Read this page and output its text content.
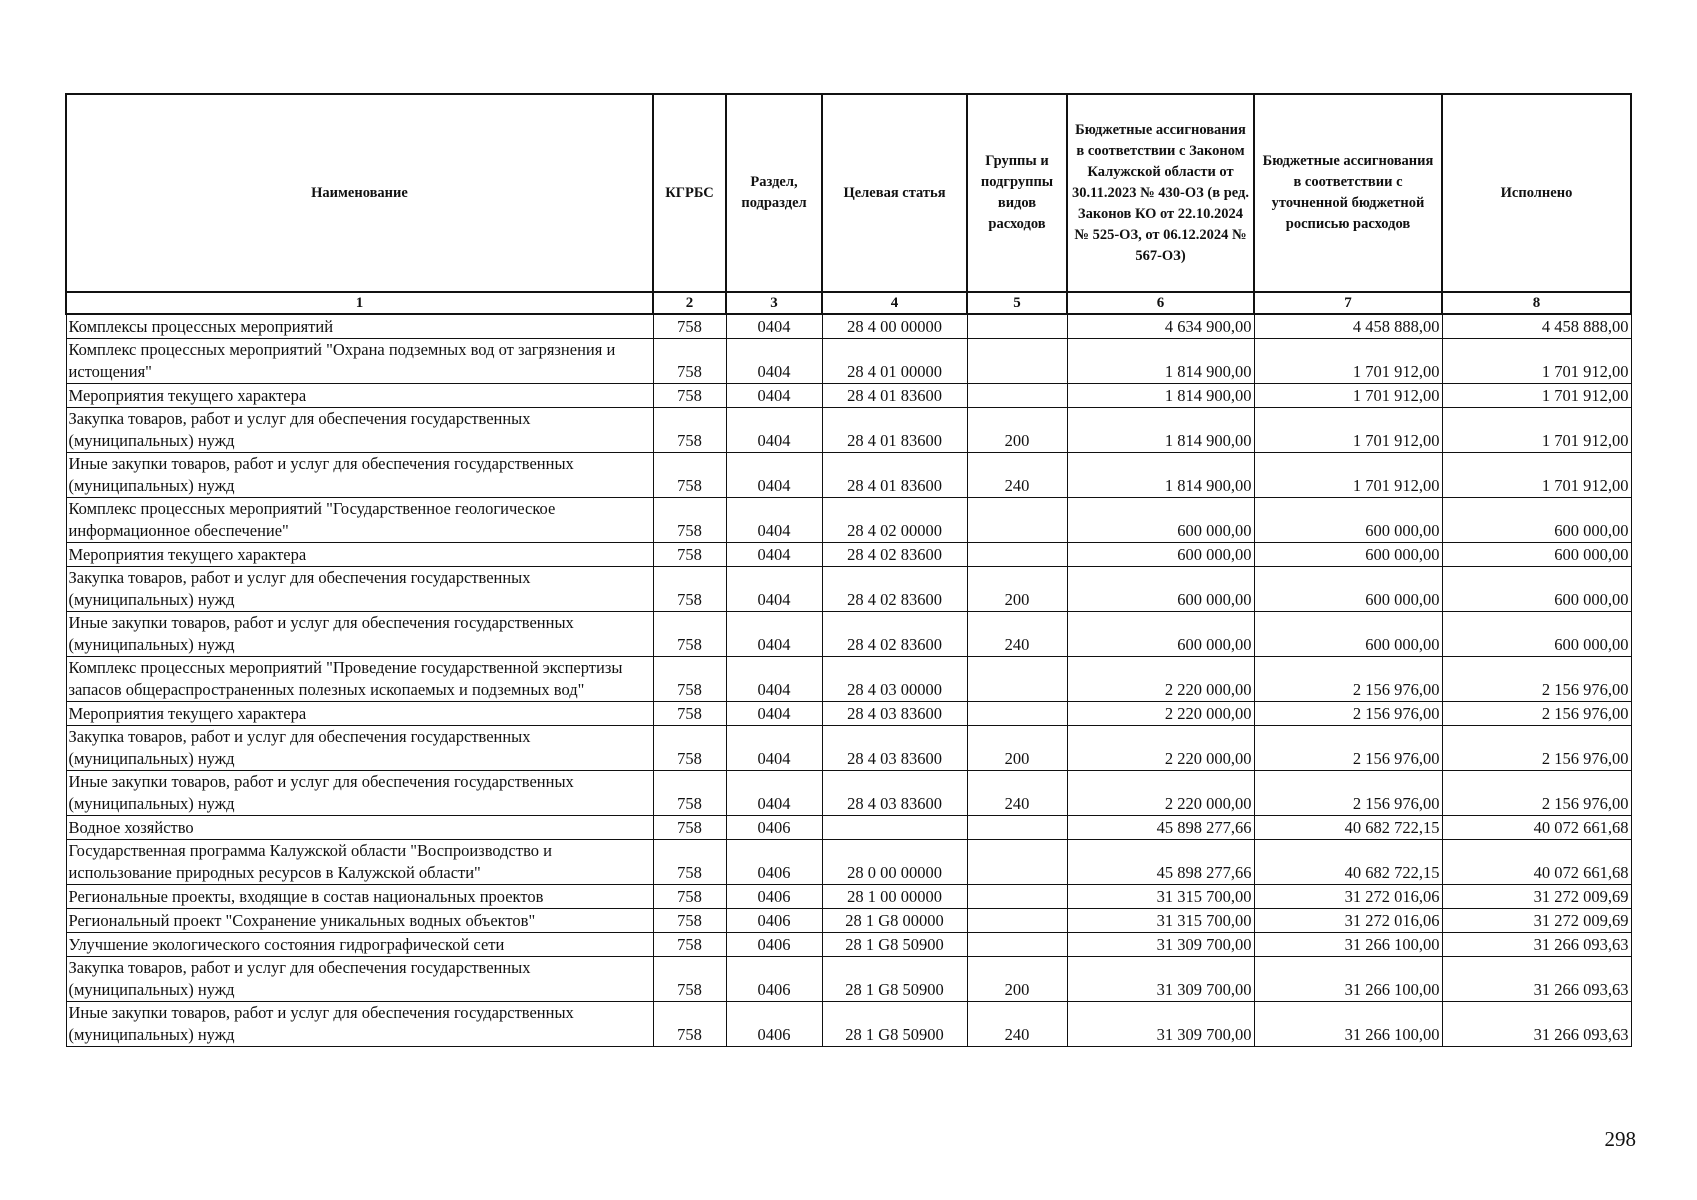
Наименование	КГРБС	Раздел, подраздел	Целевая статья	Группы и подгруппы видов расходов	Бюджетные ассигнования в соответствии с Законом Калужской области от 30.11.2023 № 430-ОЗ (в ред. Законов КО от 22.10.2024 № 525-ОЗ, от 06.12.2024 № 567-ОЗ)	Бюджетные ассигнования в соответствии с уточненной бюджетной росписью расходов	Исполнено
1	2	3	4	5	6	7	8
Комплексы процессных мероприятий	758	0404	28 4 00 00000		4 634 900,00	4 458 888,00	4 458 888,00
Комплекс процессных мероприятий "Охрана подземных вод от загрязнения и истощения"	758	0404	28 4 01 00000		1 814 900,00	1 701 912,00	1 701 912,00
Мероприятия текущего характера	758	0404	28 4 01 83600		1 814 900,00	1 701 912,00	1 701 912,00
Закупка товаров, работ и услуг для обеспечения государственных (муниципальных) нужд	758	0404	28 4 01 83600	200	1 814 900,00	1 701 912,00	1 701 912,00
Иные закупки товаров, работ и услуг для обеспечения государственных (муниципальных) нужд	758	0404	28 4 01 83600	240	1 814 900,00	1 701 912,00	1 701 912,00
Комплекс процессных мероприятий "Государственное геологическое информационное обеспечение"	758	0404	28 4 02 00000		600 000,00	600 000,00	600 000,00
Мероприятия текущего характера	758	0404	28 4 02 83600		600 000,00	600 000,00	600 000,00
Закупка товаров, работ и услуг для обеспечения государственных (муниципальных) нужд	758	0404	28 4 02 83600	200	600 000,00	600 000,00	600 000,00
Иные закупки товаров, работ и услуг для обеспечения государственных (муниципальных) нужд	758	0404	28 4 02 83600	240	600 000,00	600 000,00	600 000,00
Комплекс процессных мероприятий "Проведение государственной экспертизы запасов общераспространенных полезных ископаемых и подземных вод"	758	0404	28 4 03 00000		2 220 000,00	2 156 976,00	2 156 976,00
Мероприятия текущего характера	758	0404	28 4 03 83600		2 220 000,00	2 156 976,00	2 156 976,00
Закупка товаров, работ и услуг для обеспечения государственных (муниципальных) нужд	758	0404	28 4 03 83600	200	2 220 000,00	2 156 976,00	2 156 976,00
Иные закупки товаров, работ и услуг для обеспечения государственных (муниципальных) нужд	758	0404	28 4 03 83600	240	2 220 000,00	2 156 976,00	2 156 976,00
Водное хозяйство	758	0406			45 898 277,66	40 682 722,15	40 072 661,68
Государственная программа Калужской области "Воспроизводство и использование природных ресурсов в Калужской области"	758	0406	28 0 00 00000		45 898 277,66	40 682 722,15	40 072 661,68
Региональные проекты, входящие в состав национальных проектов	758	0406	28 1 00 00000		31 315 700,00	31 272 016,06	31 272 009,69
Региональный проект "Сохранение уникальных водных объектов"	758	0406	28 1 G8 00000		31 315 700,00	31 272 016,06	31 272 009,69
Улучшение экологического состояния гидрографической сети	758	0406	28 1 G8 50900		31 309 700,00	31 266 100,00	31 266 093,63
Закупка товаров, работ и услуг для обеспечения государственных (муниципальных) нужд	758	0406	28 1 G8 50900	200	31 309 700,00	31 266 100,00	31 266 093,63
Иные закупки товаров, работ и услуг для обеспечения государственных (муниципальных) нужд	758	0406	28 1 G8 50900	240	31 309 700,00	31 266 100,00	31 266 093,63
298
